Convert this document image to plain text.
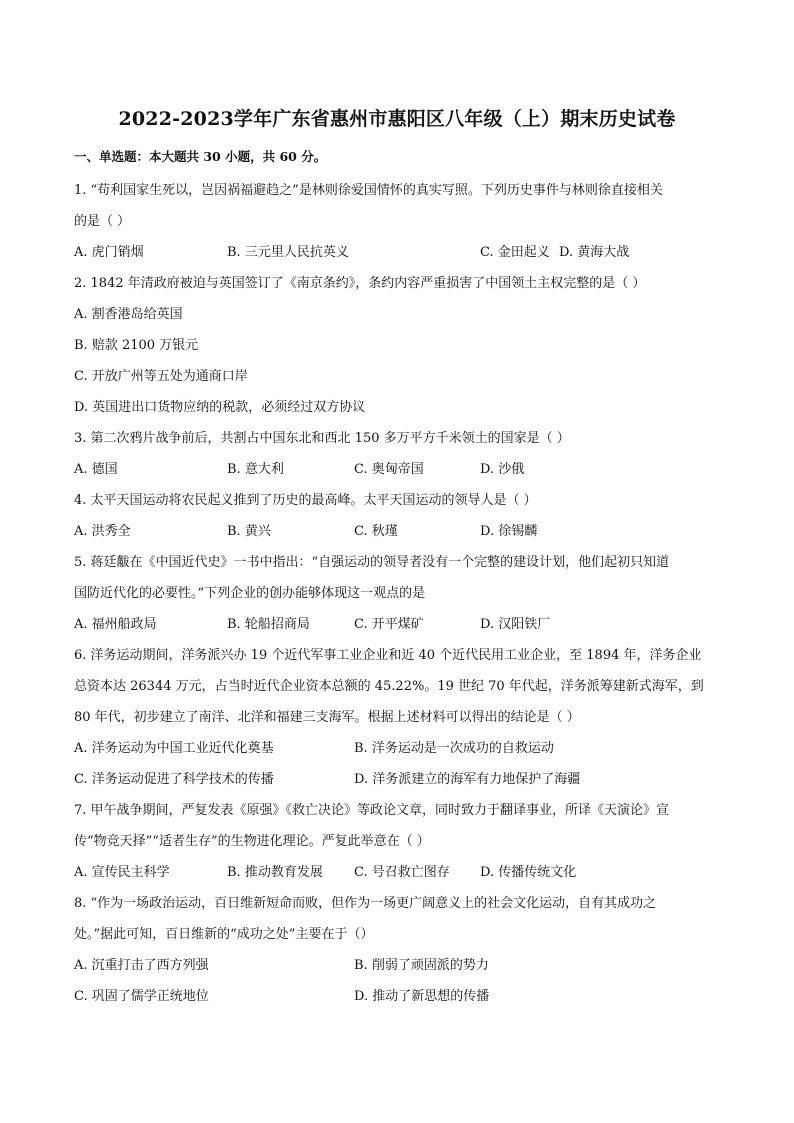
2022-2023学年广东省惠州市惠阳区八年级（上）期末历史试卷
一、单选题：本大题共 30 小题，共 60 分。

1. “苟利国家生死以，岂因祸福避趋之”是林则徐爱国情怀的真实写照。下列历史事件与林则徐直接相关

的是（ ）

A. 虎门销烟	B. 三元里人民抗英义	C. 金田起义 D. 黄海大战

2. 1842 年清政府被迫与英国签订了《南京条约》，条约内容严重损害了中国领土主权完整的是（ ）

A. 割香港岛给英国

B. 赔款 2100 万银元

C. 开放广州等五处为通商口岸

D. 英国进出口货物应纳的税款，必须经过双方协议

3. 第二次鸦片战争前后，共割占中国东北和西北 150 多万平方千米领土的国家是（ ）

A. 德国	B. 意大利	C. 奥匈帝国	D. 沙俄

4. 太平天国运动将农民起义推到了历史的最高峰。太平天国运动的领导人是（ ）

A. 洪秀全	B. 黄兴	C. 秋瑾	D. 徐锡麟

5. 蒋廷黻在《中国近代史》一书中指出：“自强运动的领导者没有一个完整的建设计划，他们起初只知道

国防近代化的必要性。”下列企业的创办能够体现这一观点的是

A. 福州船政局	B. 轮船招商局	C. 开平煤矿	D. 汉阳铁厂

6. 洋务运动期间，洋务派兴办 19 个近代军事工业企业和近 40 个近代民用工业企业，至 1894 年，洋务企业

总资本达 26344 万元，占当时近代企业资本总额的 45.22%。19 世纪 70 年代起，洋务派筹建新式海军，到

80 年代，初步建立了南洋、北洋和福建三支海军。根据上述材料可以得出的结论是（ ）

A. 洋务运动为中国工业近代化奠基	B. 洋务运动是一次成功的自救运动
C. 洋务运动促进了科学技术的传播	D. 洋务派建立的海军有力地保护了海疆

7. 甲午战争期间，严复发表《原强》《救亡决论》等政论文章，同时致力于翻译事业，所译《天演论》宣

传“物竞天择”“适者生存”的生物进化理论。严复此举意在（ ）

A. 宣传民主科学	B. 推动教育发展 C. 号召救亡图存 D. 传播传统文化

8. “作为一场政治运动，百日维新短命而败，但作为一场更广阔意义上的社会文化运动，自有其成功之

处。”据此可知，百日维新的“成功之处”主要在于（）

A. 沉重打击了西方列强	B. 削弱了顽固派的势力
C. 巩固了儒学正统地位	D. 推动了新思想的传播
